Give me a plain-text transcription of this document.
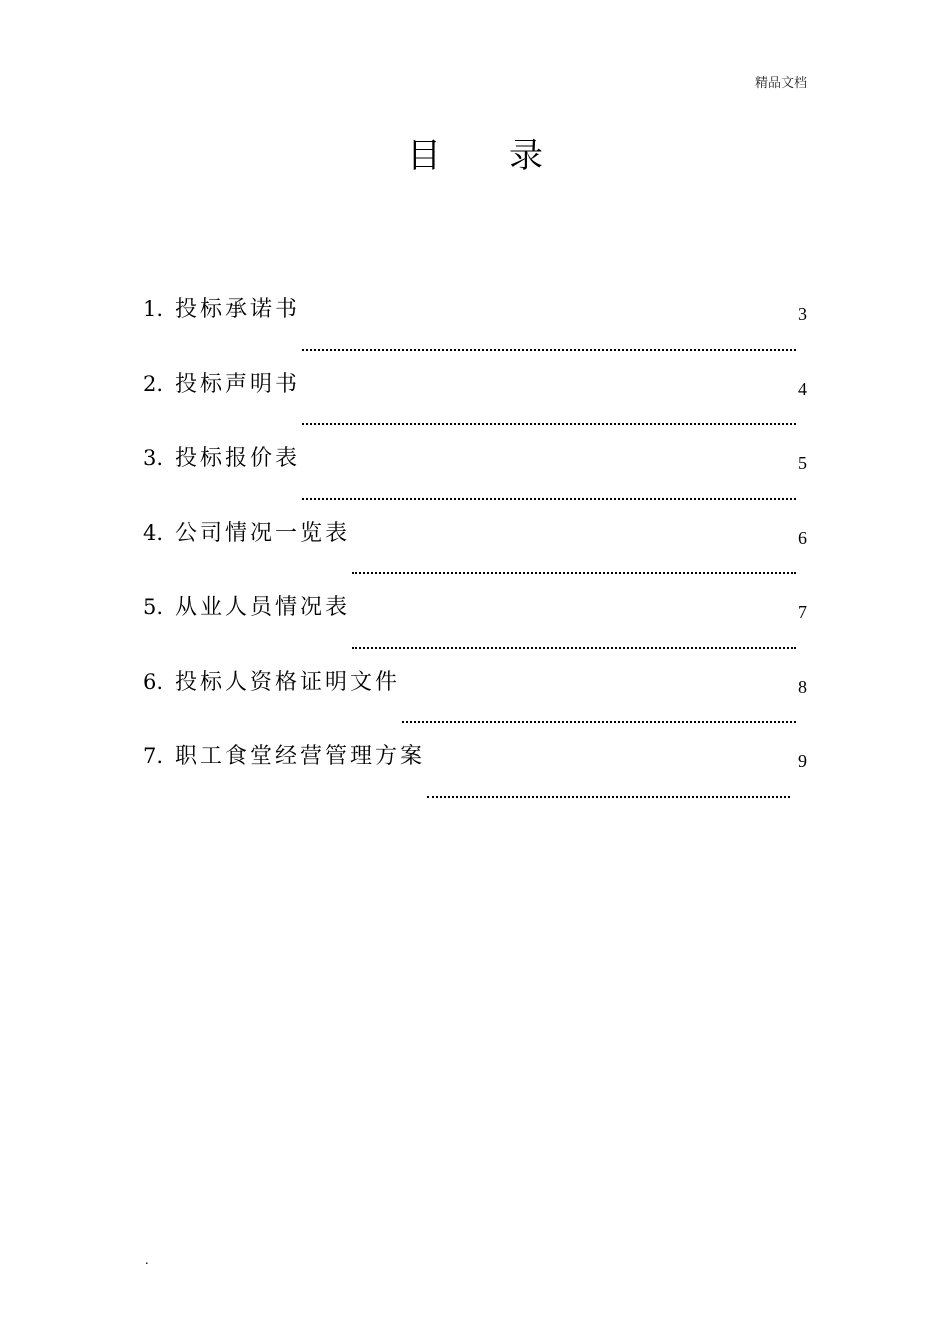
精品文档
目 录
1. 投标承诺书	3
2. 投标声明书	4
3. 投标报价表	5
4. 公司情况一览表	6
5. 从业人员情况表	7
6. 投标人资格证明文件	8
7. 职工食堂经营管理方案	9
.
